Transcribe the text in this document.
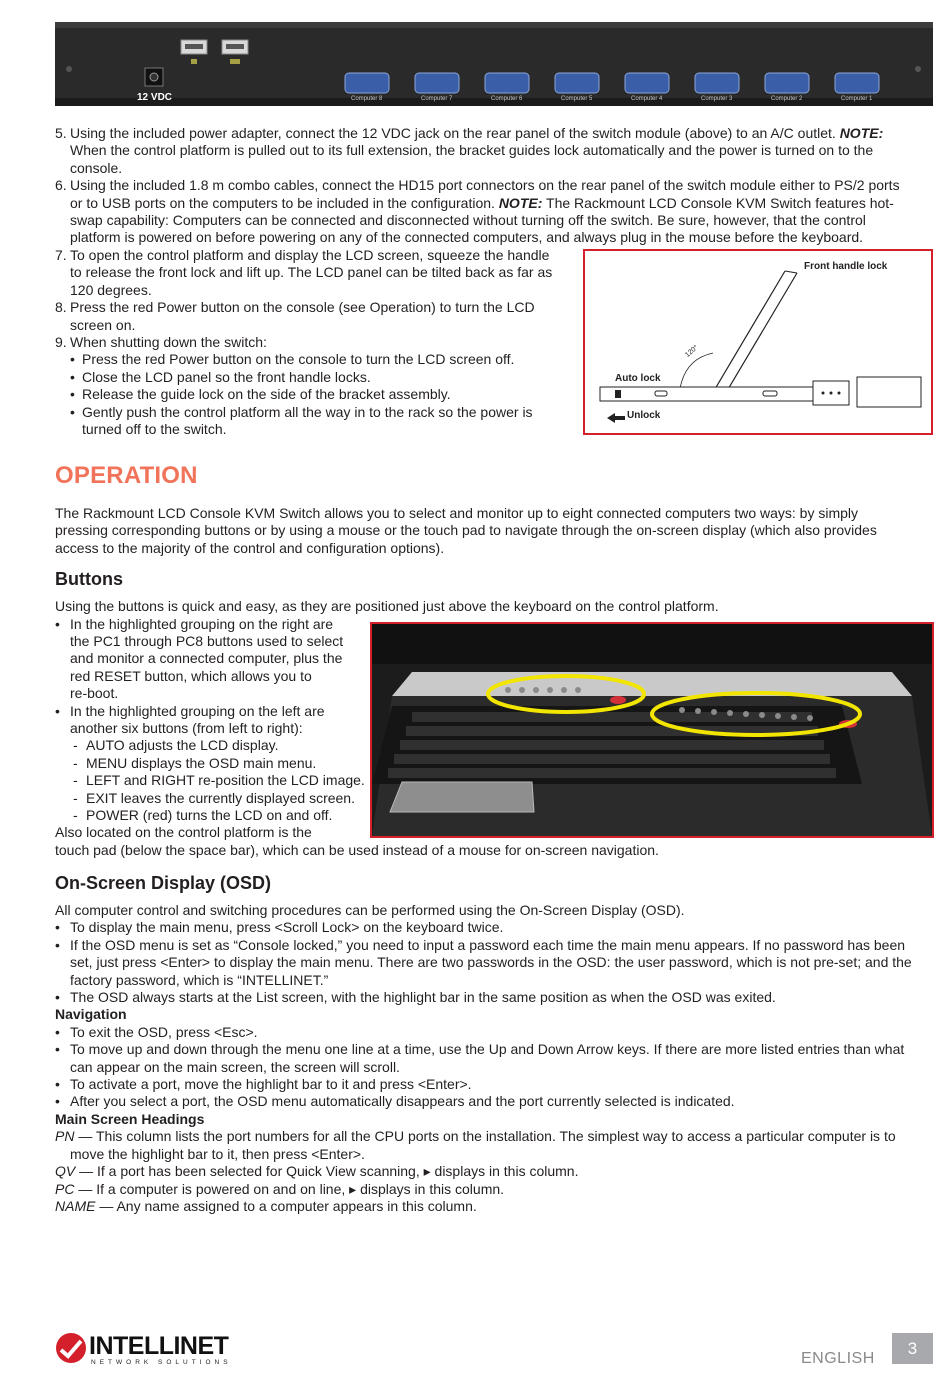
12 VDC	Computer 8	Computer 7	Computer 6	Computer 5	Computer 4	Computer 3	Computer 2	Computer 1
5. Using the included power adapter, connect the 12 VDC jack on the rear panel of the switch module (above) to an A/C outlet. NOTE:

When the control platform is pulled out to its full extension, the bracket guides lock automatically and the power is turned on to the

console.

6. Using the included 1.8 m combo cables, connect the HD15 port connectors on the rear panel of the switch module either to PS/2 ports

or to USB ports on the computers to be included in the configuration. NOTE: The Rackmount LCD Console KVM Switch features hot-

swap capability: Computers can be connected and disconnected without turning off the switch. Be sure, however, that the control

platform is powered on before powering on any of the connected computers, and always plug in the mouse before the keyboard.

7. To open the control platform and display the LCD screen, squeeze the handle

to release the front lock and lift up. The LCD panel can be tilted back as far as

120 degrees.

8. Press the red Power button on the console (see Operation) to turn the LCD

screen on.

9. When shutting down the switch:

• Press the red Power button on the console to turn the LCD screen off.
• Close the LCD panel so the front handle locks.
• Release the guide lock on the side of the bracket assembly.
• Gently push the control platform all the way in to the rack so the power is
turned off to the switch.
Front handle lock
Auto lock
Unlock
120°
OPERATION

The Rackmount LCD Console KVM Switch allows you to select and monitor up to eight connected computers two ways: by simply

pressing corresponding buttons or by using a mouse or the touch pad to navigate through the on-screen display (which also provides

access to the majority of the control and configuration options).

Buttons

Using the buttons is quick and easy, as they are positioned just above the keyboard on the control platform.

• In the highlighted grouping on the right are

the PC1 through PC8 buttons used to select

and monitor a connected computer, plus the

red RESET button, which allows you to

re-boot.

• In the highlighted grouping on the left are

another six buttons (from left to right):

- AUTO adjusts the LCD display.
- MENU displays the OSD main menu.
- LEFT and RIGHT re-position the LCD image.
- EXIT leaves the currently displayed screen.
- POWER (red) turns the LCD on and off.

Also located on the control platform is the

touch pad (below the space bar), which can be used instead of a mouse for on-screen navigation.

On-Screen Display (OSD)

All computer control and switching procedures can be performed using the On-Screen Display (OSD).

• To display the main menu, press <Scroll Lock> on the keyboard twice.

• If the OSD menu is set as “Console locked,” you need to input a password each time the main menu appears. If no password has been

set, just press <Enter> to display the main menu. There are two passwords in the OSD: the user password, which is not pre-set; and the

factory password, which is “INTELLINET.”

• The OSD always starts at the List screen, with the highlight bar in the same position as when the OSD was exited.

Navigation
• To exit the OSD, press <Esc>.

• To move up and down through the menu one line at a time, use the Up and Down Arrow keys. If there are more listed entries than what

can appear on the main screen, the screen will scroll.

• To activate a port, move the highlight bar to it and press <Enter>.

• After you select a port, the OSD menu automatically disappears and the port currently selected is indicated.

Main Screen Headings

PN — This column lists the port numbers for all the CPU ports on the installation. The simplest way to access a particular computer is to

move the highlight bar to it, then press <Enter>.

QV — If a port has been selected for Quick View scanning, ▸ displays in this column.

PC — If a computer is powered on and on line, ▸ displays in this column.

NAME — Any name assigned to a computer appears in this column.

INTELLINET
NETWORK SOLUTIONS	ENGLISH
3
